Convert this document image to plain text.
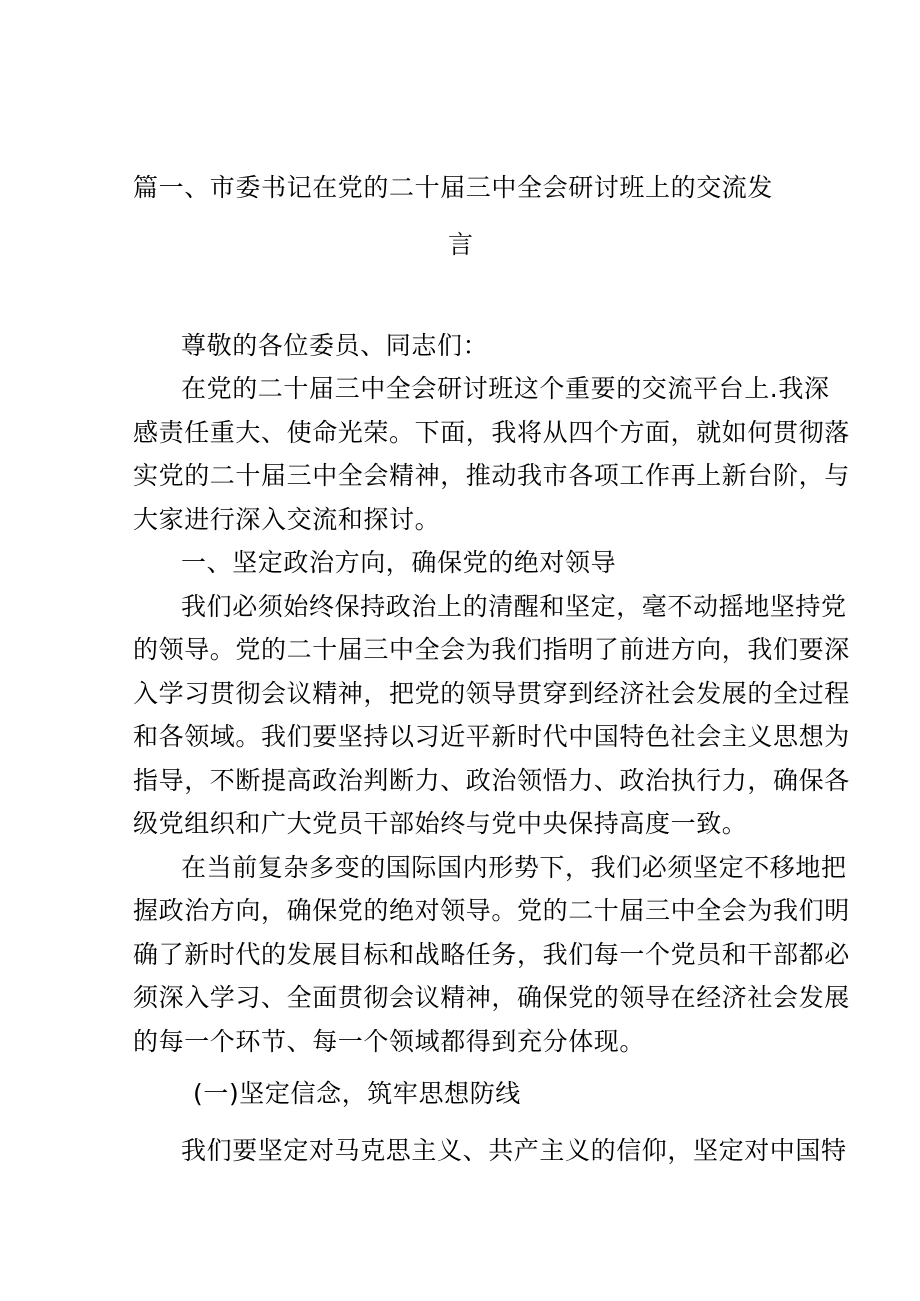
篇一、市委书记在党的二十届三中全会研讨班上的交流发
言
尊敬的各位委员、同志们：
在党的二十届三中全会研讨班这个重要的交流平台上.我深
感责任重大、使命光荣。下面，我将从四个方面，就如何贯彻落
实党的二十届三中全会精神，推动我市各项工作再上新台阶，与
大家进行深入交流和探讨。
一、坚定政治方向，确保党的绝对领导
我们必须始终保持政治上的清醒和坚定，毫不动摇地坚持党
的领导。党的二十届三中全会为我们指明了前进方向，我们要深
入学习贯彻会议精神，把党的领导贯穿到经济社会发展的全过程
和各领域。我们要坚持以习近平新时代中国特色社会主义思想为
指导，不断提高政治判断力、政治领悟力、政治执行力，确保各
级党组织和广大党员干部始终与党中央保持高度一致。
在当前复杂多变的国际国内形势下，我们必须坚定不移地把
握政治方向，确保党的绝对领导。党的二十届三中全会为我们明
确了新时代的发展目标和战略任务，我们每一个党员和干部都必
须深入学习、全面贯彻会议精神，确保党的领导在经济社会发展
的每一个环节、每一个领域都得到充分体现。
(一)坚定信念，筑牢思想防线
我们要坚定对马克思主义、共产主义的信仰，坚定对中国特
